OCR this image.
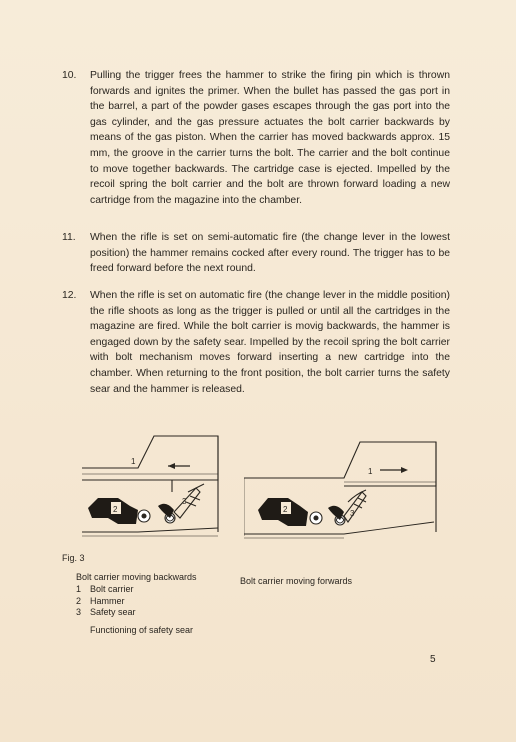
10.	Pulling the trigger frees the hammer to strike the firing pin which is thrown forwards and ignites the primer. When the bullet has passed the gas port in the barrel, a part of the powder gases escapes through the gas port into the gas cylinder, and the gas pressure actuates the bolt carrier backwards by means of the gas piston. When the carrier has moved backwards approx. 15 mm, the groove in the carrier turns the bolt. The carrier and the bolt continue to move together backwards. The cartridge case is ejected. Impelled by the recoil spring the bolt carrier and the bolt are thrown forward loading a new cartridge from the magazine into the chamber.
11.	When the rifle is set on semi-automatic fire (the change lever in the lowest position) the hammer remains cocked after every round. The trigger has to be freed forward before the next round.
12.	When the rifle is set on automatic fire (the change lever in the middle position) the rifle shoots as long as the trigger is pulled or until all the cartridges in the magazine are fired. While the bolt carrier is movig backwards, the hammer is engaged down by the safety sear. Impelled by the recoil spring the bolt carrier with bolt mechanism moves forward inserting a new cartridge into the chamber. When returning to the front position, the bolt carrier turns the safety sear and the hammer is released.
1
2
3
1
2	3
Fig. 3
Bolt carrier moving backwards	Bolt carrier moving forwards
1 Bolt carrier
2 Hammer
3 Safety sear
Functioning of safety sear
5
